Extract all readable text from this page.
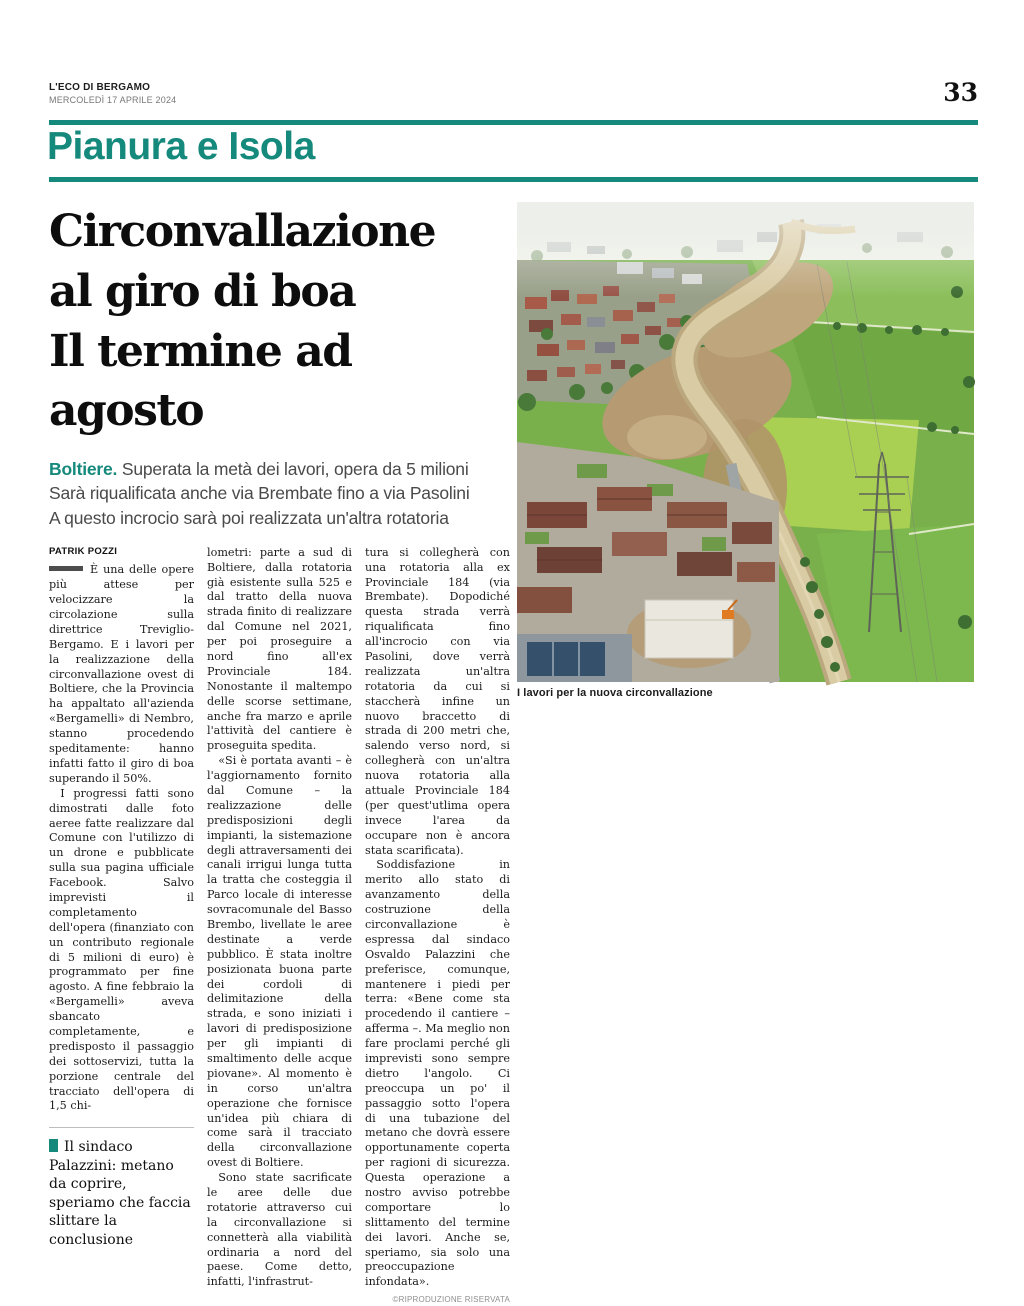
L'ECO DI BERGAMO
MERCOLEDÌ 17 APRILE 2024	33
Pianura e Isola
Circonvallazione
al giro di boa
Il termine ad agosto
Boltiere. Superata la metà dei lavori, opera da 5 milioni
Sarà riqualificata anche via Brembate fino a via Pasolini
A questo incrocio sarà poi realizzata un'altra rotatoria
PATRIK POZZI

È una delle opere più attese per velocizzare la circolazione sulla direttrice Treviglio-Bergamo. E i lavori per la realizzazione della circonvallazione ovest di Boltiere, che la Provincia ha appaltato all'azienda «Bergamelli» di Nembro, stanno procedendo speditamente: hanno infatti fatto il giro di boa superando il 50%.

I progressi fatti sono dimostrati dalle foto aeree fatte realizzare dal Comune con l'utilizzo di un drone e pubblicate sulla sua pagina ufficiale Facebook. Salvo imprevisti il completamento dell'opera (finanziato con un contributo regionale di 5 milioni di euro) è programmato per fine agosto. A fine febbraio la «Bergamelli» aveva sbancato completamente, e predisposto il passaggio dei sottoservizi, tutta la porzione centrale del tracciato dell'opera di 1,5 chi-

Il sindaco Palazzini: metano da coprire, speriamo che faccia slittare la conclusione

lometri: parte a sud di Boltiere, dalla rotatoria già esistente sulla 525 e dal tratto della nuova strada finito di realizzare dal Comune nel 2021, per poi proseguire a nord fino all'ex Provinciale 184. Nonostante il maltempo delle scorse settimane, anche fra marzo e aprile l'attività del cantiere è proseguita spedita.

«Si è portata avanti – è l'aggiornamento fornito dal Comune – la realizzazione delle predisposizioni degli impianti, la sistemazione degli attraversamenti dei canali irrigui lunga tutta la tratta che costeggia il Parco locale di interesse sovracomunale del Basso Brembo, livellate le aree destinate a verde pubblico. È stata inoltre posizionata buona parte dei cordoli di delimitazione della strada, e sono iniziati i lavori di predisposizione per gli impianti di smaltimento delle acque piovane». Al momento è in corso un'altra operazione che fornisce un'idea più chiara di come sarà il tracciato della circonvallazione ovest di Boltiere.

Sono state sacrificate le aree delle due rotatorie attraverso cui la circonvallazione si connetterà alla viabilità ordinaria a nord del paese. Come detto, infatti, l'infrastrut-

tura si collegherà con una rotatoria alla ex Provinciale 184 (via Brembate). Dopodiché questa strada verrà riqualificata fino all'incrocio con via Pasolini, dove verrà realizzata un'altra rotatoria da cui si staccherà infine un nuovo braccetto di strada di 200 metri che, salendo verso nord, si collegherà con un'altra nuova rotatoria alla attuale Provinciale 184 (per quest'utlima opera invece l'area da occupare non è ancora stata scarificata).

Soddisfazione in merito allo stato di avanzamento della costruzione della circonvallazione è espressa dal sindaco Osvaldo Palazzini che preferisce, comunque, mantenere i piedi per terra: «Bene come sta procedendo il cantiere – afferma –. Ma meglio non fare proclami perché gli imprevisti sono sempre dietro l'angolo. Ci preoccupa un po' il passaggio sotto l'opera di una tubazione del metano che dovrà essere opportunamente coperta per ragioni di sicurezza. Questa operazione a nostro avviso potrebbe comportare lo slittamento del termine dei lavori. Anche se, speriamo, sia solo una preoccupazione infondata».

©RIPRODUZIONE RISERVATA
I lavori per la nuova circonvallazione
